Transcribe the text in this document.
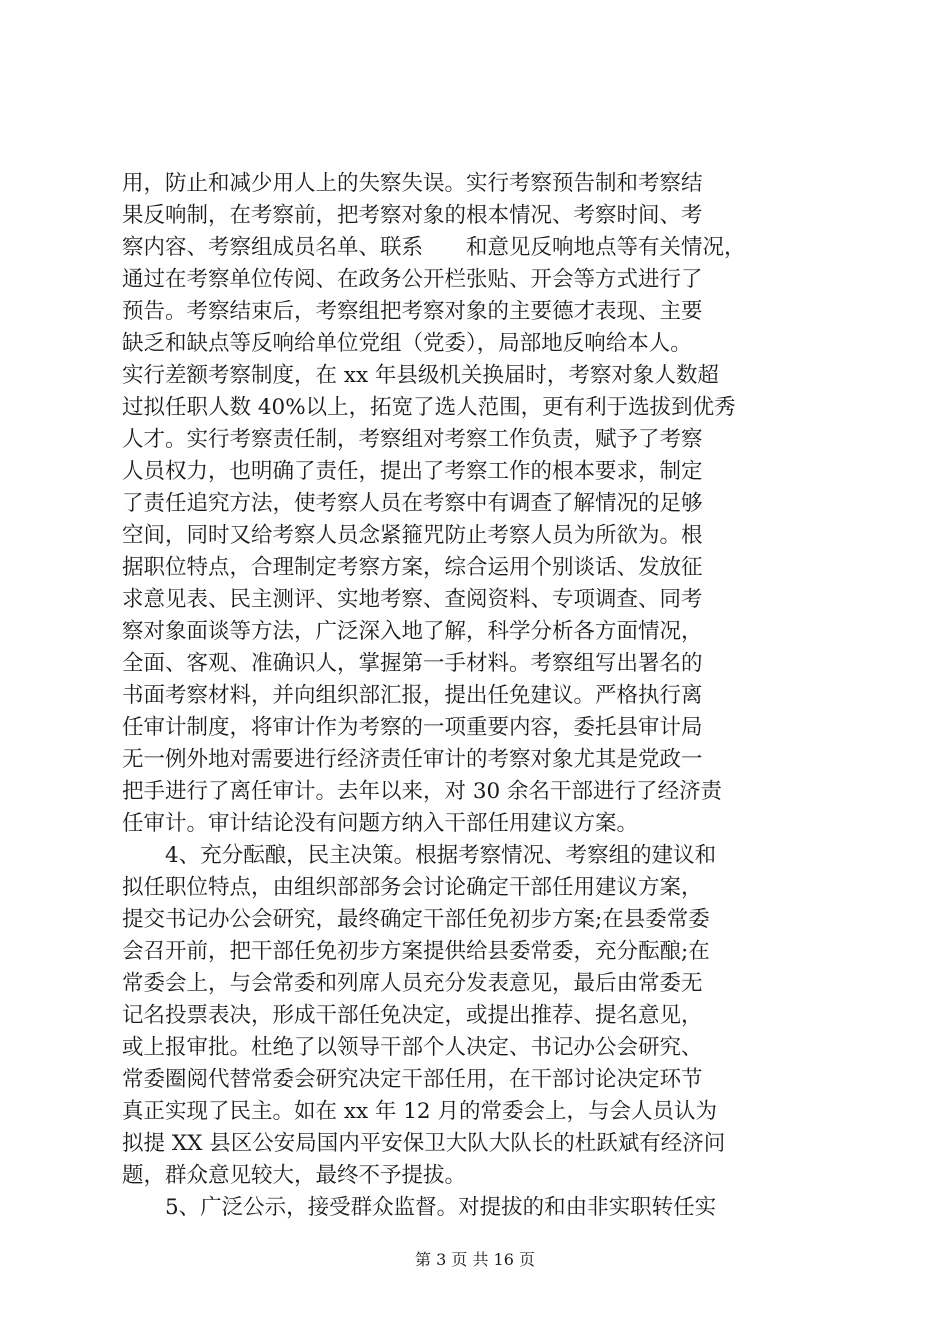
用，防止和减少用人上的失察失误。实行考察预告制和考察结
果反响制，在考察前，把考察对象的根本情况、考察时间、考
察内容、考察组成员名单、联系　　和意见反响地点等有关情况，
通过在考察单位传阅、在政务公开栏张贴、开会等方式进行了
预告。考察结束后，考察组把考察对象的主要德才表现、主要
缺乏和缺点等反响给单位党组（党委），局部地反响给本人。
实行差额考察制度，在 xx 年县级机关换届时，考察对象人数超
过拟任职人数 40%以上，拓宽了选人范围，更有利于选拔到优秀
人才。实行考察责任制，考察组对考察工作负责，赋予了考察
人员权力，也明确了责任，提出了考察工作的根本要求，制定
了责任追究方法，使考察人员在考察中有调查了解情况的足够
空间，同时又给考察人员念紧箍咒防止考察人员为所欲为。根
据职位特点，合理制定考察方案，综合运用个别谈话、发放征
求意见表、民主测评、实地考察、查阅资料、专项调查、同考
察对象面谈等方法，广泛深入地了解，科学分析各方面情况，
全面、客观、准确识人，掌握第一手材料。考察组写出署名的
书面考察材料，并向组织部汇报，提出任免建议。严格执行离
任审计制度，将审计作为考察的一项重要内容，委托县审计局
无一例外地对需要进行经济责任审计的考察对象尤其是党政一
把手进行了离任审计。去年以来，对 30 余名干部进行了经济责
任审计。审计结论没有问题方纳入干部任用建议方案。
　　4、充分酝酿，民主决策。根据考察情况、考察组的建议和
拟任职位特点，由组织部部务会讨论确定干部任用建议方案，
提交书记办公会研究，最终确定干部任免初步方案;在县委常委
会召开前，把干部任免初步方案提供给县委常委，充分酝酿;在
常委会上，与会常委和列席人员充分发表意见，最后由常委无
记名投票表决，形成干部任免决定，或提出推荐、提名意见，
或上报审批。杜绝了以领导干部个人决定、书记办公会研究、
常委圈阅代替常委会研究决定干部任用，在干部讨论决定环节
真正实现了民主。如在 xx 年 12 月的常委会上，与会人员认为
拟提 XX 县区公安局国内平安保卫大队大队长的杜跃斌有经济问
题，群众意见较大，最终不予提拔。
　　5、广泛公示，接受群众监督。对提拔的和由非实职转任实
第 3 页 共 16 页
